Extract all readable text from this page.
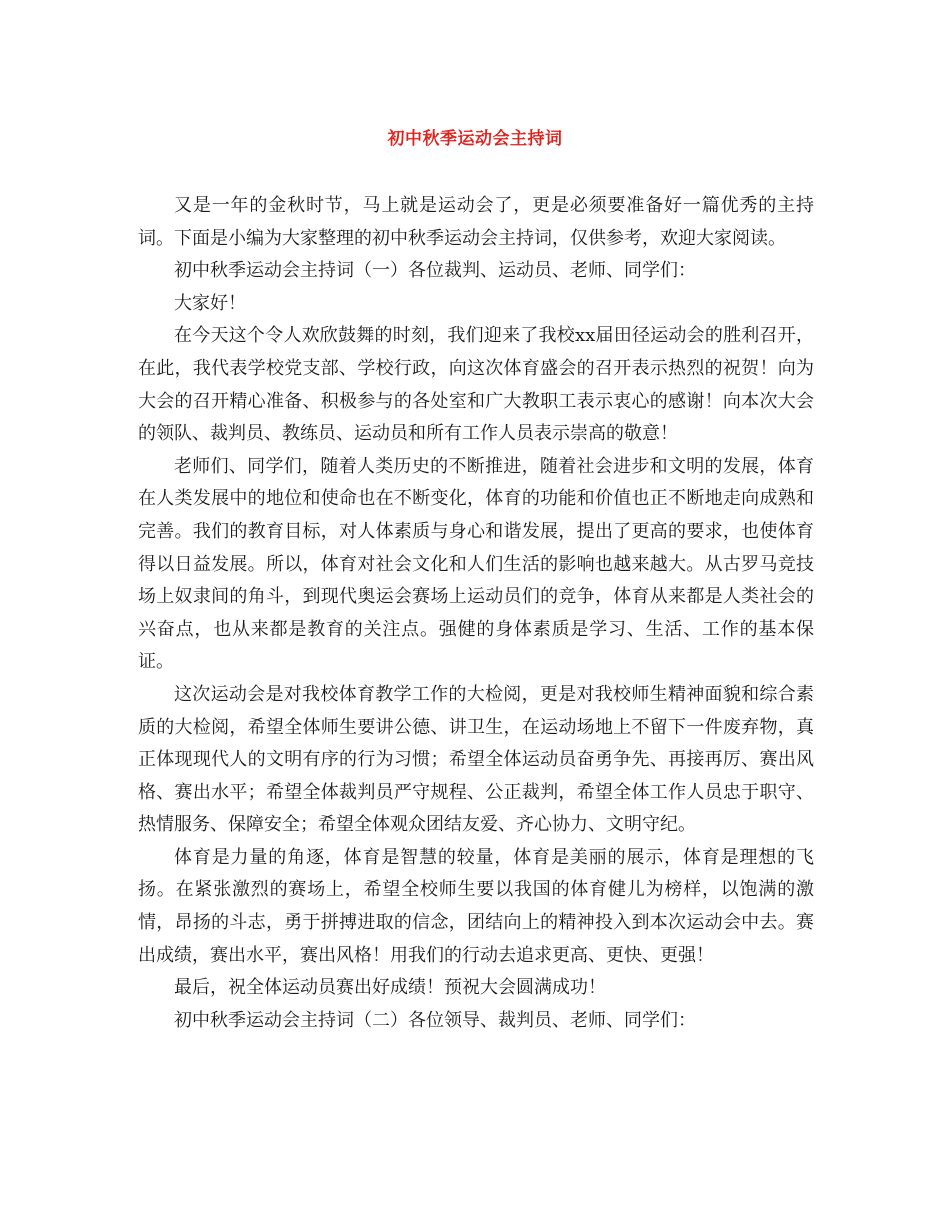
初中秋季运动会主持词

又是一年的金秋时节，马上就是运动会了，更是必须要准备好一篇优秀的主持词。下面是小编为大家整理的初中秋季运动会主持词，仅供参考，欢迎大家阅读。

初中秋季运动会主持词（一）各位裁判、运动员、老师、同学们：

大家好！

在今天这个令人欢欣鼓舞的时刻，我们迎来了我校xx届田径运动会的胜利召开，在此，我代表学校党支部、学校行政，向这次体育盛会的召开表示热烈的祝贺！向为大会的召开精心准备、积极参与的各处室和广大教职工表示衷心的感谢！向本次大会的领队、裁判员、教练员、运动员和所有工作人员表示崇高的敬意！

老师们、同学们，随着人类历史的不断推进，随着社会进步和文明的发展，体育在人类发展中的地位和使命也在不断变化，体育的功能和价值也正不断地走向成熟和完善。我们的教育目标，对人体素质与身心和谐发展，提出了更高的要求，也使体育得以日益发展。所以，体育对社会文化和人们生活的影响也越来越大。从古罗马竞技场上奴隶间的角斗，到现代奥运会赛场上运动员们的竞争，体育从来都是人类社会的兴奋点，也从来都是教育的关注点。强健的身体素质是学习、生活、工作的基本保证。

这次运动会是对我校体育教学工作的大检阅，更是对我校师生精神面貌和综合素质的大检阅，希望全体师生要讲公德、讲卫生，在运动场地上不留下一件废弃物，真正体现现代人的文明有序的行为习惯；希望全体运动员奋勇争先、再接再厉、赛出风格、赛出水平；希望全体裁判员严守规程、公正裁判，希望全体工作人员忠于职守、热情服务、保障安全；希望全体观众团结友爱、齐心协力、文明守纪。

体育是力量的角逐，体育是智慧的较量，体育是美丽的展示，体育是理想的飞扬。在紧张激烈的赛场上，希望全校师生要以我国的体育健儿为榜样，以饱满的激情，昂扬的斗志，勇于拼搏进取的信念，团结向上的精神投入到本次运动会中去。赛出成绩，赛出水平，赛出风格！用我们的行动去追求更高、更快、更强！

最后，祝全体运动员赛出好成绩！预祝大会圆满成功！

初中秋季运动会主持词（二）各位领导、裁判员、老师、同学们：
